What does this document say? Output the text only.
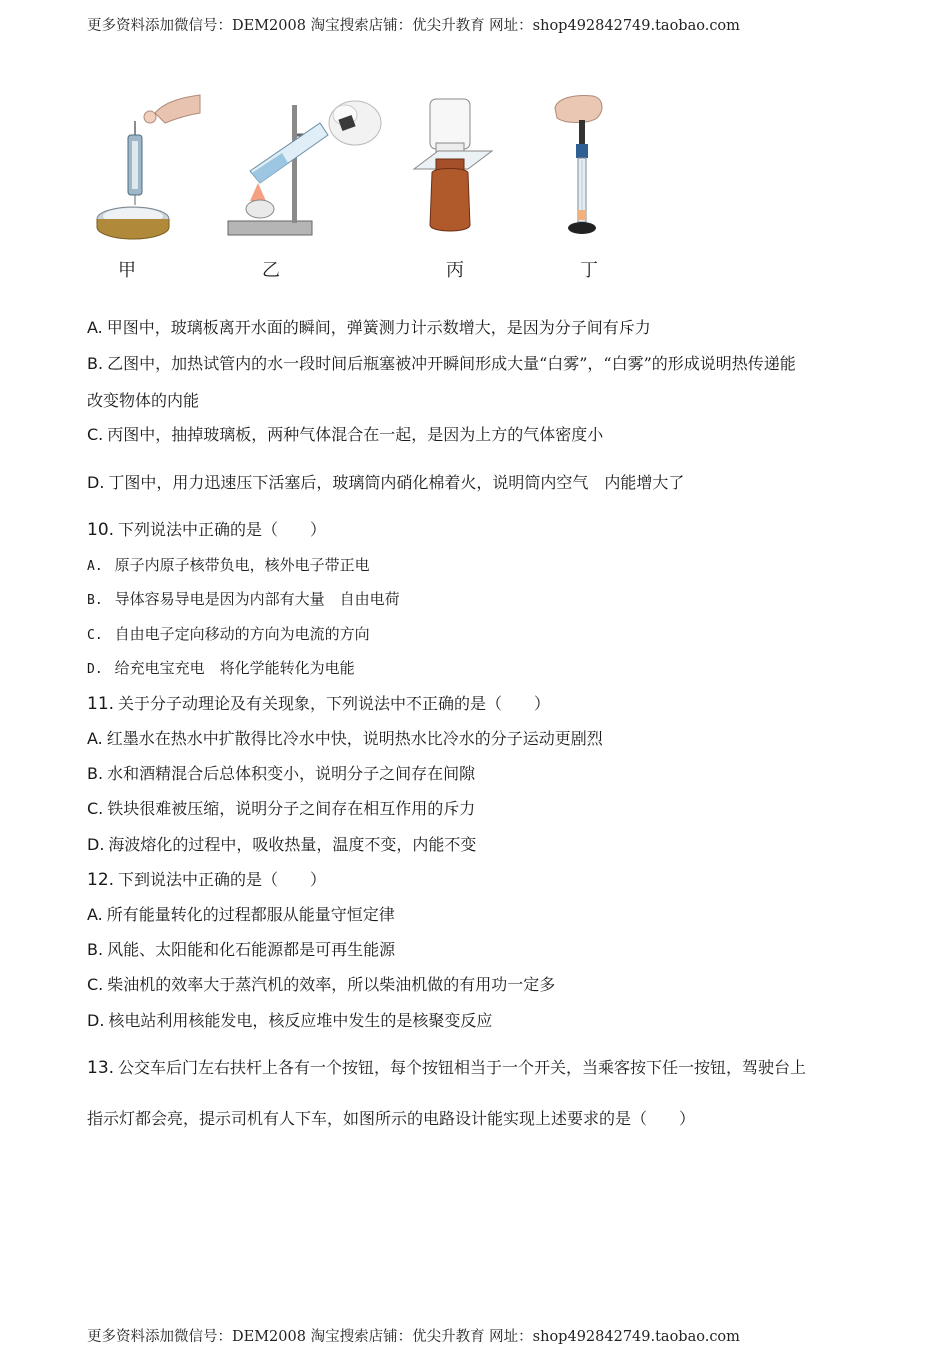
更多资料添加微信号：DEM2008 淘宝搜索店铺：优尖升教育 网址：shop492842749.taobao.com
甲	乙	丙	丁
A. 甲图中，玻璃板离开水面的瞬间，弹簧测力计示数增大，是因为分子间有斥力
B. 乙图中，加热试管内的水一段时间后瓶塞被冲开瞬间形成大量“白雾”，“白雾”的形成说明热传递能
改变物体的内能
C. 丙图中，抽掉玻璃板，两种气体混合在一起，是因为上方的气体密度小
D. 丁图中，用力迅速压下活塞后，玻璃筒内硝化棉着火，说明筒内空气　内能增大了
10. 下列说法中正确的是（　　）
A. 原子内原子核带负电，核外电子带正电
B. 导体容易导电是因为内部有大量　自由电荷
C. 自由电子定向移动的方向为电流的方向
D. 给充电宝充电　将化学能转化为电能
11. 关于分子动理论及有关现象，下列说法中不正确的是（　　）
A. 红墨水在热水中扩散得比冷水中快，说明热水比冷水的分子运动更剧烈
B. 水和酒精混合后总体积变小，说明分子之间存在间隙
C. 铁块很难被压缩，说明分子之间存在相互作用的斥力
D. 海波熔化的过程中，吸收热量，温度不变，内能不变
12. 下到说法中正确的是（　　）
A. 所有能量转化的过程都服从能量守恒定律
B. 风能、太阳能和化石能源都是可再生能源
C. 柴油机的效率大于蒸汽机的效率，所以柴油机做的有用功一定多
D. 核电站利用核能发电，核反应堆中发生的是核聚变反应
13. 公交车后门左右扶杆上各有一个按钮，每个按钮相当于一个开关，当乘客按下任一按钮，驾驶台上
指示灯都会亮，提示司机有人下车，如图所示的电路设计能实现上述要求的是（　　）
更多资料添加微信号：DEM2008 淘宝搜索店铺：优尖升教育 网址：shop492842749.taobao.com
